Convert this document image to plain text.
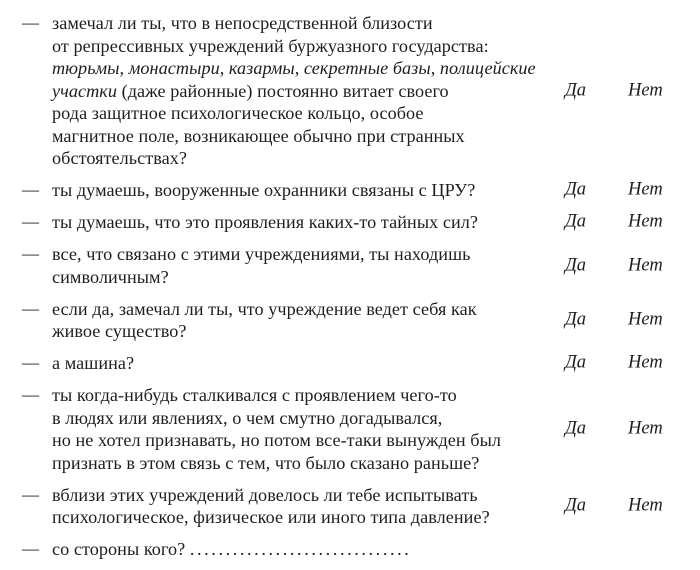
— замечал ли ты, что в непосредственной близости
от репрессивных учреждений буржуазного государства:
тюрьмы, монастыри, казармы, секретные базы, полицейские
участки (даже районные) постоянно витает своего
рода защитное психологическое кольцо, особое
магнитное поле, возникающее обычно при странных
обстоятельствах?
Да	Нет
— ты думаешь, вооруженные охранники связаны с ЦРУ?	Да	Нет
— ты думаешь, что это проявления каких-то тайных сил?	Да	Нет
— все, что связано с этими учреждениями, ты находишь
символичным?
Да	Нет
— если да, замечал ли ты, что учреждение ведет себя как
живое существо?
Да	Нет
— а машина?	Да	Нет
— ты когда-нибудь сталкивался с проявлением чего-то
в людях или явлениях, о чем смутно догадывался,
но не хотел признавать, но потом все-таки вынужден был
признать в этом связь с тем, что было сказано раньше?
Да	Нет
— вблизи этих учреждений довелось ли тебе испытывать
психологическое, физическое или иного типа давление?
Да	Нет
— со стороны кого? ...............................
